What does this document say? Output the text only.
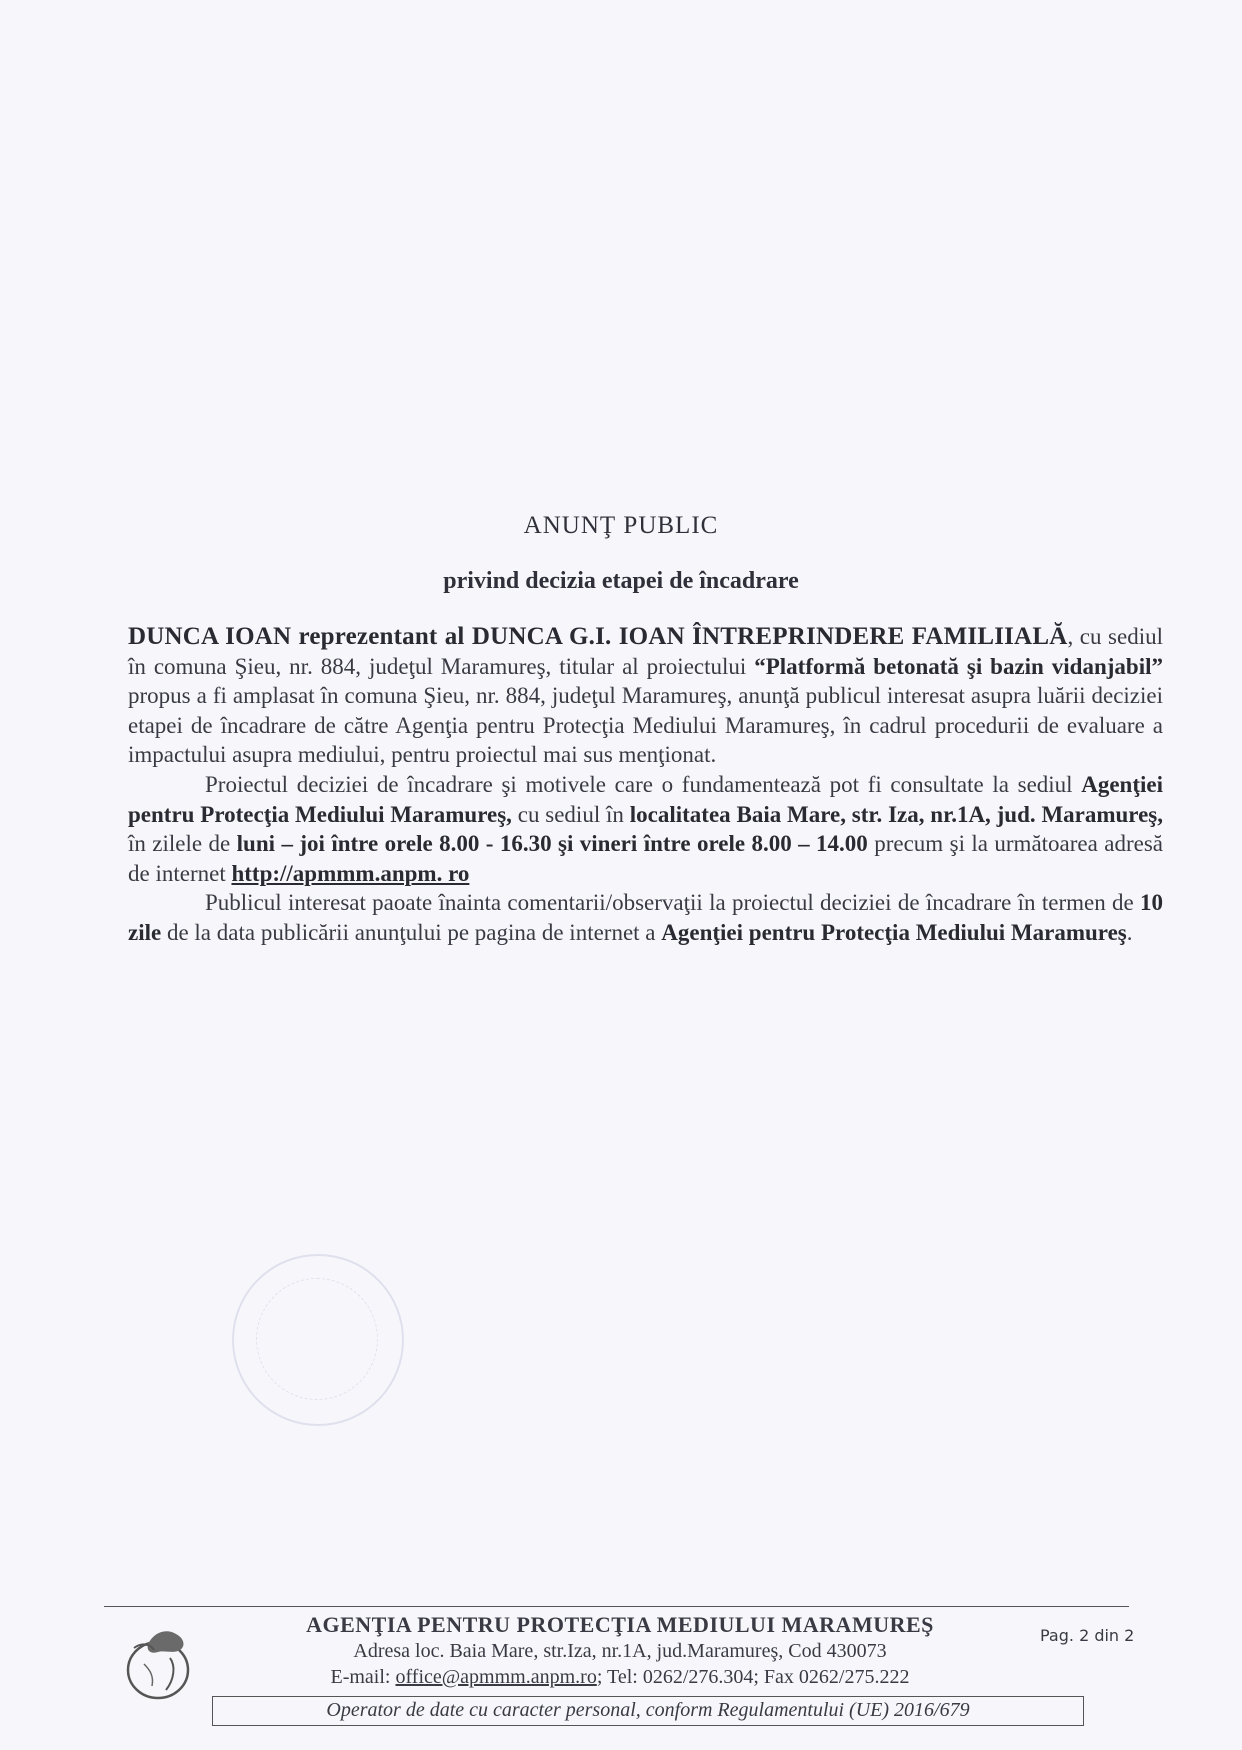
ANUNŢ PUBLIC
privind decizia etapei de încadrare

DUNCA IOAN reprezentant al DUNCA G.I. IOAN ÎNTREPRINDERE FAMILIIALĂ, cu sediul în comuna Şieu, nr. 884, judeţul Maramureş, titular al proiectului “Platformă betonată şi bazin vidanjabil” propus a fi amplasat în comuna Şieu, nr. 884, judeţul Maramureş, anunţă publicul interesat asupra luării deciziei etapei de încadrare de către Agenţia pentru Protecţia Mediului Maramureş, în cadrul procedurii de evaluare a impactului asupra mediului, pentru proiectul mai sus menţionat.

Proiectul deciziei de încadrare şi motivele care o fundamentează pot fi consultate la sediul Agenţiei pentru Protecţia Mediului Maramureş, cu sediul în localitatea Baia Mare, str. Iza, nr.1A, jud. Maramureş, în zilele de luni – joi între orele 8.00 - 16.30 şi vineri între orele 8.00 – 14.00 precum şi la următoarea adresă de internet http://apmmm.anpm. ro

Publicul interesat paoate înainta comentarii/observaţii la proiectul deciziei de încadrare în termen de 10 zile de la data publicării anunţului pe pagina de internet a Agenţiei pentru Protecţia Mediului Maramureş.

AGENŢIA PENTRU PROTECŢIA MEDIULUI MARAMUREŞ
Adresa loc. Baia Mare, str.Iza, nr.1A, jud.Maramureş, Cod 430073
E-mail: office@apmmm.anpm.ro; Tel: 0262/276.304; Fax 0262/275.222
Pag. 2 din 2
Operator de date cu caracter personal, conform Regulamentului (UE) 2016/679
